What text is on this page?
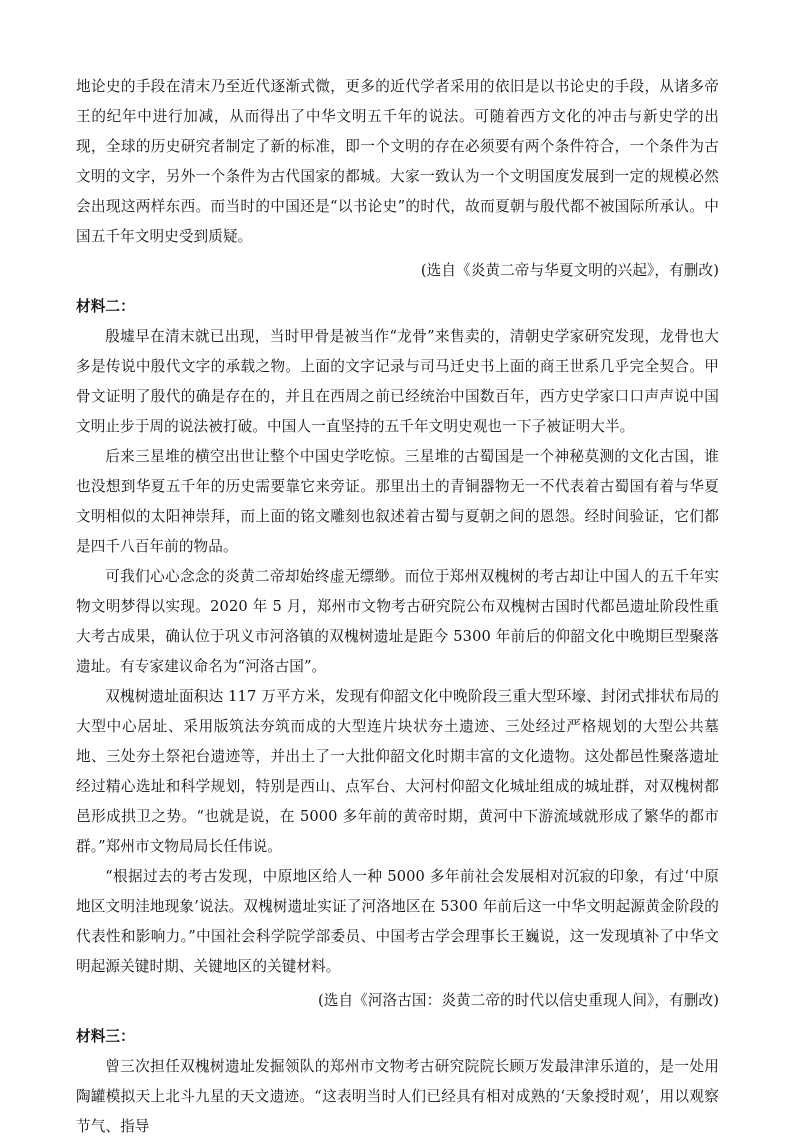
地论史的手段在清末乃至近代逐渐式微，更多的近代学者采用的依旧是以书论史的手段，从诸多帝王的纪年中进行加减，从而得出了中华文明五千年的说法。可随着西方文化的冲击与新史学的出现，全球的历史研究者制定了新的标准，即一个文明的存在必须要有两个条件符合，一个条件为古文明的文字，另外一个条件为古代国家的都城。大家一致认为一个文明国度发展到一定的规模必然会出现这两样东西。而当时的中国还是“以书论史”的时代，故而夏朝与殷代都不被国际所承认。中国五千年文明史受到质疑。

(选自《炎黄二帝与华夏文明的兴起》，有删改)

材料二：

殷墟早在清末就已出现，当时甲骨是被当作“龙骨”来售卖的，清朝史学家研究发现，龙骨也大多是传说中殷代文字的承载之物。上面的文字记录与司马迁史书上面的商王世系几乎完全契合。甲骨文证明了殷代的确是存在的，并且在西周之前已经统治中国数百年，西方史学家口口声声说中国文明止步于周的说法被打破。中国人一直坚持的五千年文明史观也一下子被证明大半。

后来三星堆的横空出世让整个中国史学吃惊。三星堆的古蜀国是一个神秘莫测的文化古国，谁也没想到华夏五千年的历史需要靠它来旁证。那里出土的青铜器物无一不代表着古蜀国有着与华夏文明相似的太阳神崇拜，而上面的铭文雕刻也叙述着古蜀与夏朝之间的恩怨。经时间验证，它们都是四千八百年前的物品。

可我们心心念念的炎黄二帝却始终虚无缥缈。而位于郑州双槐树的考古却让中国人的五千年实物文明梦得以实现。2020 年 5 月，郑州市文物考古研究院公布双槐树古国时代都邑遗址阶段性重大考古成果，确认位于巩义市河洛镇的双槐树遗址是距今 5300 年前后的仰韶文化中晚期巨型聚落遗址。有专家建议命名为“河洛古国”。

双槐树遗址面积达 117 万平方米，发现有仰韶文化中晚阶段三重大型环壕、封闭式排状布局的大型中心居址、采用版筑法夯筑而成的大型连片块状夯土遗迹、三处经过严格规划的大型公共墓地、三处夯土祭祀台遗迹等，并出土了一大批仰韶文化时期丰富的文化遗物。这处都邑性聚落遗址经过精心选址和科学规划，特别是西山、点军台、大河村仰韶文化城址组成的城址群，对双槐树都邑形成拱卫之势。“也就是说，在 5000 多年前的黄帝时期，黄河中下游流域就形成了繁华的都市群。”郑州市文物局局长任伟说。

“根据过去的考古发现，中原地区给人一种 5000 多年前社会发展相对沉寂的印象，有过‘中原地区文明洼地现象’说法。双槐树遗址实证了河洛地区在 5300 年前后这一中华文明起源黄金阶段的代表性和影响力。”中国社会科学院学部委员、中国考古学会理事长王巍说，这一发现填补了中华文明起源关键时期、关键地区的关键材料。

(选自《河洛古国：炎黄二帝的时代以信史重现人间》，有删改)

材料三：

曾三次担任双槐树遗址发掘领队的郑州市文物考古研究院院长顾万发最津津乐道的，是一处用陶罐模拟天上北斗九星的天文遗迹。“这表明当时人们已经具有相对成熟的‘天象授时观’，用以观察节气、指导
